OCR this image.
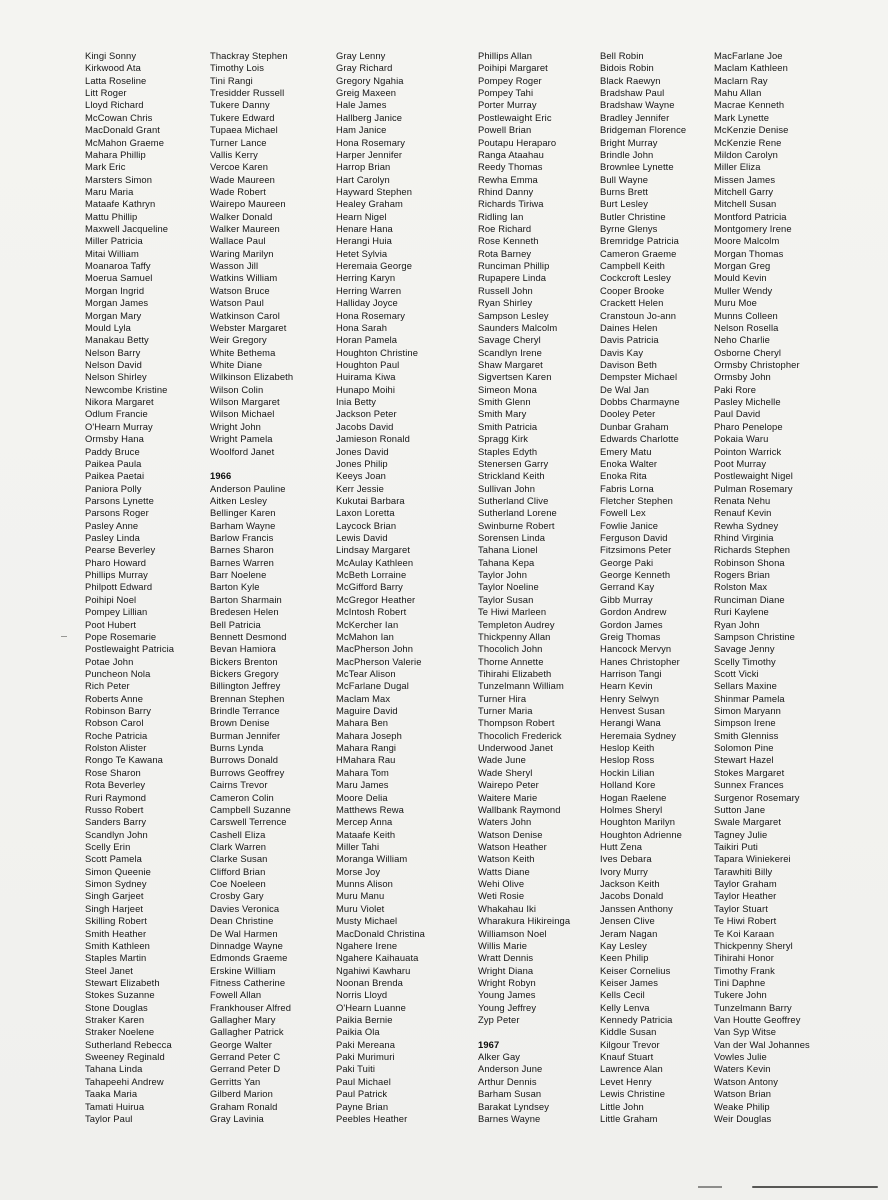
Kingi Sonny
Kirkwood Ata
Latta Roseline
Litt Roger
Lloyd Richard
McCowan Chris
MacDonald Grant
McMahon Graeme
Mahara Phillip
Mark Eric
Marsters Simon
Maru Maria
Mataafe Kathryn
Mattu Phillip
Maxwell Jacqueline
Miller Patricia
Mitai William
Moanaroa Taffy
Moerua Samuel
Morgan Ingrid
Morgan James
Morgan Mary
Mould Lyla
Manakau Betty
Nelson Barry
Nelson David
Nelson Shirley
Newcombe Kristine
Nikora Margaret
Odlum Francie
O'Hearn Murray
Ormsby Hana
Paddy Bruce
Paikea Paula
Paikea Paetai
Paniora Polly
Parsons Lynette
Parsons Roger
Pasley Anne
Pasley Linda
Pearse Beverley
Pharo Howard
Phillips Murray
Philpott Edward
Poihipi Noel
Pompey Lillian
Poot Hubert
Pope Rosemarie
Postlewaight Patricia
Potae John
Puncheon Nola
Rich Peter
Roberts Anne
Robinson Barry
Robson Carol
Roche Patricia
Rolston Alister
Rongo Te Kawana
Rose Sharon
Rota Beverley
Ruri Raymond
Russo Robert
Sanders Barry
Scandlyn John
Scelly Erin
Scott Pamela
Simon Queenie
Simon Sydney
Singh Garjeet
Singh Harjeet
Skilling Robert
Smith Heather
Smith Kathleen
Staples Martin
Steel Janet
Stewart Elizabeth
Stokes Suzanne
Stone Douglas
Straker Karen
Straker Noelene
Sutherland Rebecca
Sweeney Reginald
Tahana Linda
Tahapeehi Andrew
Taaka Maria
Tamati Huirua
Taylor Paul
Thackray Stephen
Timothy Lois
Tini Rangi
Tresidder Russell
Tukere Danny
Tukere Edward
Tupaea Michael
Turner Lance
Vallis Kerry
Vercoe Karen
Wade Maureen
Wade Robert
Wairepo Maureen
Walker Donald
Walker Maureen
Wallace Paul
Waring Marilyn
Wasson Jill
Watkins William
Watson Bruce
Watson Paul
Watkinson Carol
Webster Margaret
Weir Gregory
White Bethema
White Diane
Wilkinson Elizabeth
Wilson Colin
Wilson Margaret
Wilson Michael
Wright John
Wright Pamela
Woolford Janet

1966
Anderson Pauline
Aitken Lesley
Bellinger Karen
Barham Wayne
Barlow Francis
Barnes Sharon
Barnes Warren
Barr Noelene
Barton Kyle
Barton Sharmain
Bredesen Helen
Bell Patricia
Bennett Desmond
Bevan Hamiora
Bickers Brenton
Bickers Gregory
Billington Jeffrey
Brennan Stephen
Brindle Terrance
Brown Denise
Burman Jennifer
Burns Lynda
Burrows Donald
Burrows Geoffrey
Cairns Trevor
Cameron Colin
Campbell Suzanne
Carswell Terrence
Cashell Eliza
Clark Warren
Clarke Susan
Clifford Brian
Coe Noeleen
Crosby Gary
Davies Veronica
Dean Christine
De Wal Harmen
Dinnadge Wayne
Edmonds Graeme
Erskine William
Fitness Catherine
Fowell Allan
Frankhouser Alfred
Gallagher Mary
Gallagher Patrick
George Walter
Gerrand Peter C
Gerrand Peter D
Gerritts Yan
Gilberd Marion
Graham Ronald
Gray Lavinia
Gray Lenny
Gray Richard
Gregory Ngahia
Greig Maxeen
Hale James
Hallberg Janice
Ham Janice
Hona Rosemary
Harper Jennifer
Harrop Brian
Hart Carolyn
Hayward Stephen
Healey Graham
Hearn Nigel
Henare Hana
Herangi Huia
Hetet Sylvia
Heremaia George
Herring Karyn
Herring Warren
Halliday Joyce
Hona Rosemary
Hona Sarah
Horan Pamela
Houghton Christine
Houghton Paul
Huirama Kiwa
Hunapo Moihi
Inia Betty
Jackson Peter
Jacobs David
Jamieson Ronald
Jones David
Jones Philip
Keeys Joan
Kerr Jessie
Kukutai Barbara
Laxon Loretta
Laycock Brian
Lewis David
Lindsay Margaret
McAulay Kathleen
McBeth Lorraine
McGifford Barry
McGregor Heather
McIntosh Robert
McKercher Ian
McMahon Ian
MacPherson John
MacPherson Valerie
McTear Alison
McFarlane Dugal
Maclam Max
Maguire David
Mahara Ben
Mahara Joseph
Mahara Rangi
HMahara Rau
Mahara Tom
Maru James
Moore Delia
Matthews Rewa
Mercep Anna
Mataafe Keith
Miller Tahi
Moranga William
Morse Joy
Munns Alison
Muru Manu
Muru Violet
Musty Michael
MacDonald Christina
Ngahere Irene
Ngahere Kaihauata
Ngahiwi Kawharu
Noonan Brenda
Norris Lloyd
O'Hearn Luanne
Paikia Bernie
Paikia Ola
Paki Mereana
Paki Murimuri
Paki Tuiti
Paul Michael
Paul Patrick
Payne Brian
Peebles Heather
Phillips Allan
Poihipi Margaret
Pompey Roger
Pompey Tahi
Porter Murray
Postlewaight Eric
Powell Brian
Poutapu Heraparo
Ranga Ataahau
Reedy Thomas
Rewha Emma
Rhind Danny
Richards Tiriwa
Ridling Ian
Roe Richard
Rose Kenneth
Rota Barney
Runciman Phillip
Rupapere Linda
Russell John
Ryan Shirley
Sampson Lesley
Saunders Malcolm
Savage Cheryl
Scandlyn Irene
Shaw Margaret
Sigvertsen Karen
Simeon Mona
Smith Glenn
Smith Mary
Smith Patricia
Spragg Kirk
Staples Edyth
Stenersen Garry
Strickland Keith
Sullivan John
Sutherland Clive
Sutherland Lorene
Swinburne Robert
Sorensen Linda
Tahana Lionel
Tahana Kepa
Taylor John
Taylor Noeline
Taylor Susan
Te Hiwi Marleen
Templeton Audrey
Thickpenny Allan
Thocolich John
Thorne Annette
Tihirahi Elizabeth
Tunzelmann William
Turner Hira
Turner Maria
Thompson Robert
Thocolich Frederick
Underwood Janet
Wade June
Wade Sheryl
Wairepo Peter
Waitere Marie
Wallbank Raymond
Waters John
Watson Denise
Watson Heather
Watson Keith
Watts Diane
Wehi Olive
Weti Rosie
Whakahau Iki
Wharakura Hikireinga
Williamson Noel
Willis Marie
Wratt Dennis
Wright Diana
Wright Robyn
Young James
Young Jeffrey
Zyp Peter

1967
Alker Gay
Anderson June
Arthur Dennis
Barham Susan
Barakat Lyndsey
Barnes Wayne
Bell Robin
Bidois Robin
Black Raewyn
Bradshaw Paul
Bradshaw Wayne
Bradley Jennifer
Bridgeman Florence
Bright Murray
Brindle John
Brownlee Lynette
Bull Wayne
Burns Brett
Burt Lesley
Butler Christine
Byrne Glenys
Bremridge Patricia
Cameron Graeme
Campbell Keith
Cockcroft Lesley
Cooper Brooke
Crackett Helen
Cranstoun Jo-ann
Daines Helen
Davis Patricia
Davis Kay
Davison Beth
Dempster Michael
De Wal Jan
Dobbs Charmayne
Dooley Peter
Dunbar Graham
Edwards Charlotte
Emery Matu
Enoka Walter
Enoka Rita
Fabris Lorna
Fletcher Stephen
Fowell Lex
Fowlie Janice
Ferguson David
Fitzsimons Peter
George Paki
George Kenneth
Gerrand Kay
Gibb Murray
Gordon Andrew
Gordon James
Greig Thomas
Hancock Mervyn
Hanes Christopher
Harrison Tangi
Hearn Kevin
Henry Selwyn
Henvest Susan
Herangi Wana
Heremaia Sydney
Heslop Keith
Heslop Ross
Hockin Lilian
Holland Kore
Hogan Raelene
Holmes Sheryl
Houghton Marilyn
Houghton Adrienne
Hutt Zena
Ives Debara
Ivory Murry
Jackson Keith
Jacobs Donald
Janssen Anthony
Jensen Clive
Jeram Nagan
Kay Lesley
Keen Philip
Keiser Cornelius
Keiser James
Kells Cecil
Kelly Lenva
Kennedy Patricia
Kiddle Susan
Kilgour Trevor
Knauf Stuart
Lawrence Alan
Levet Henry
Lewis Christine
Little John
Little Graham
MacFarlane Joe
Maclam Kathleen
Maclarn Ray
Mahu Allan
Macrae Kenneth
Mark Lynette
McKenzie Denise
McKenzie Rene
Mildon Carolyn
Miller Eliza
Missen James
Mitchell Garry
Mitchell Susan
Montford Patricia
Montgomery Irene
Moore Malcolm
Morgan Thomas
Morgan Greg
Mould Kevin
Muller Wendy
Muru Moe
Munns Colleen
Nelson Rosella
Neho Charlie
Osborne Cheryl
Ormsby Christopher
Ormsby John
Paki Rore
Pasley Michelle
Paul David
Pharo Penelope
Pokaia Waru
Pointon Warrick
Poot Murray
Postlewaight Nigel
Pulman Rosemary
Renata Nehu
Renauf Kevin
Rewha Sydney
Rhind Virginia
Richards Stephen
Robinson Shona
Rogers Brian
Rolston Max
Runciman Diane
Ruri Kaylene
Ryan John
Sampson Christine
Savage Jenny
Scelly Timothy
Scott Vicki
Sellars Maxine
Shinmar Pamela
Simon Maryann
Simpson Irene
Smith Glenniss
Solomon Pine
Stewart Hazel
Stokes Margaret
Sunnex Frances
Surgenor Rosemary
Sutton Jane
Swale Margaret
Tagney Julie
Taikiri Puti
Tapara Winiekerei
Tarawhiti Billy
Taylor Graham
Taylor Heather
Taylor Stuart
Te Hiwi Robert
Te Koi Karaan
Thickpenny Sheryl
Tihirahi Honor
Timothy Frank
Tini Daphne
Tukere John
Tunzelmann Barry
Van Houtte Geoffrey
Van Syp Witse
Van der Wal Johannes
Vowles Julie
Waters Kevin
Watson Antony
Watson Brian
Weake Philip
Weir Douglas
